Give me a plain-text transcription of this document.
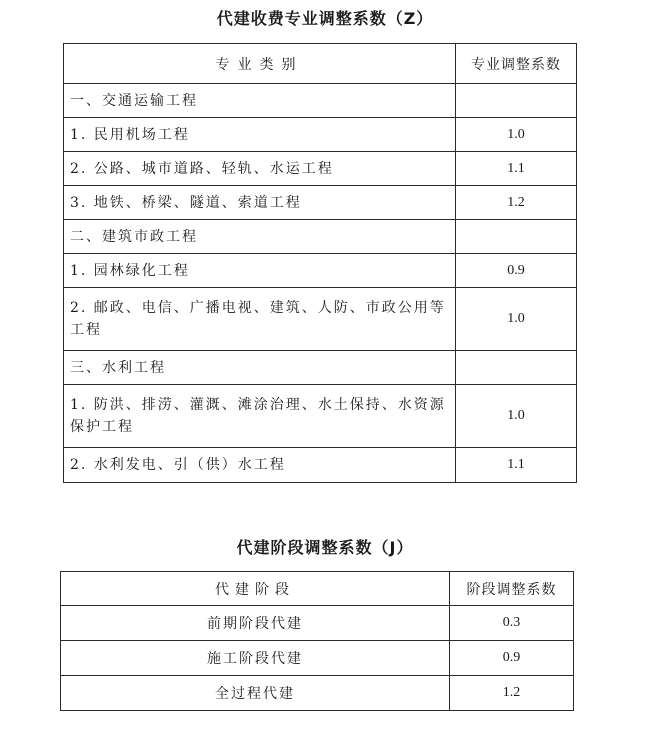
代建收费专业调整系数（Z）
专业类别	专业调整系数
一、交通运输工程	
1. 民用机场工程	1.0
2. 公路、城市道路、轻轨、水运工程	1.1
3. 地铁、桥梁、隧道、索道工程	1.2
二、建筑市政工程	
1. 园林绿化工程	0.9
2. 邮政、电信、广播电视、建筑、人防、市政公用等工程	1.0
三、水利工程	
1. 防洪、排涝、灌溉、滩涂治理、水土保持、水资源保护工程	1.0
2. 水利发电、引（供）水工程	1.1
代建阶段调整系数（J）
代建阶段	阶段调整系数
前期阶段代建	0.3
施工阶段代建	0.9
全过程代建	1.2
